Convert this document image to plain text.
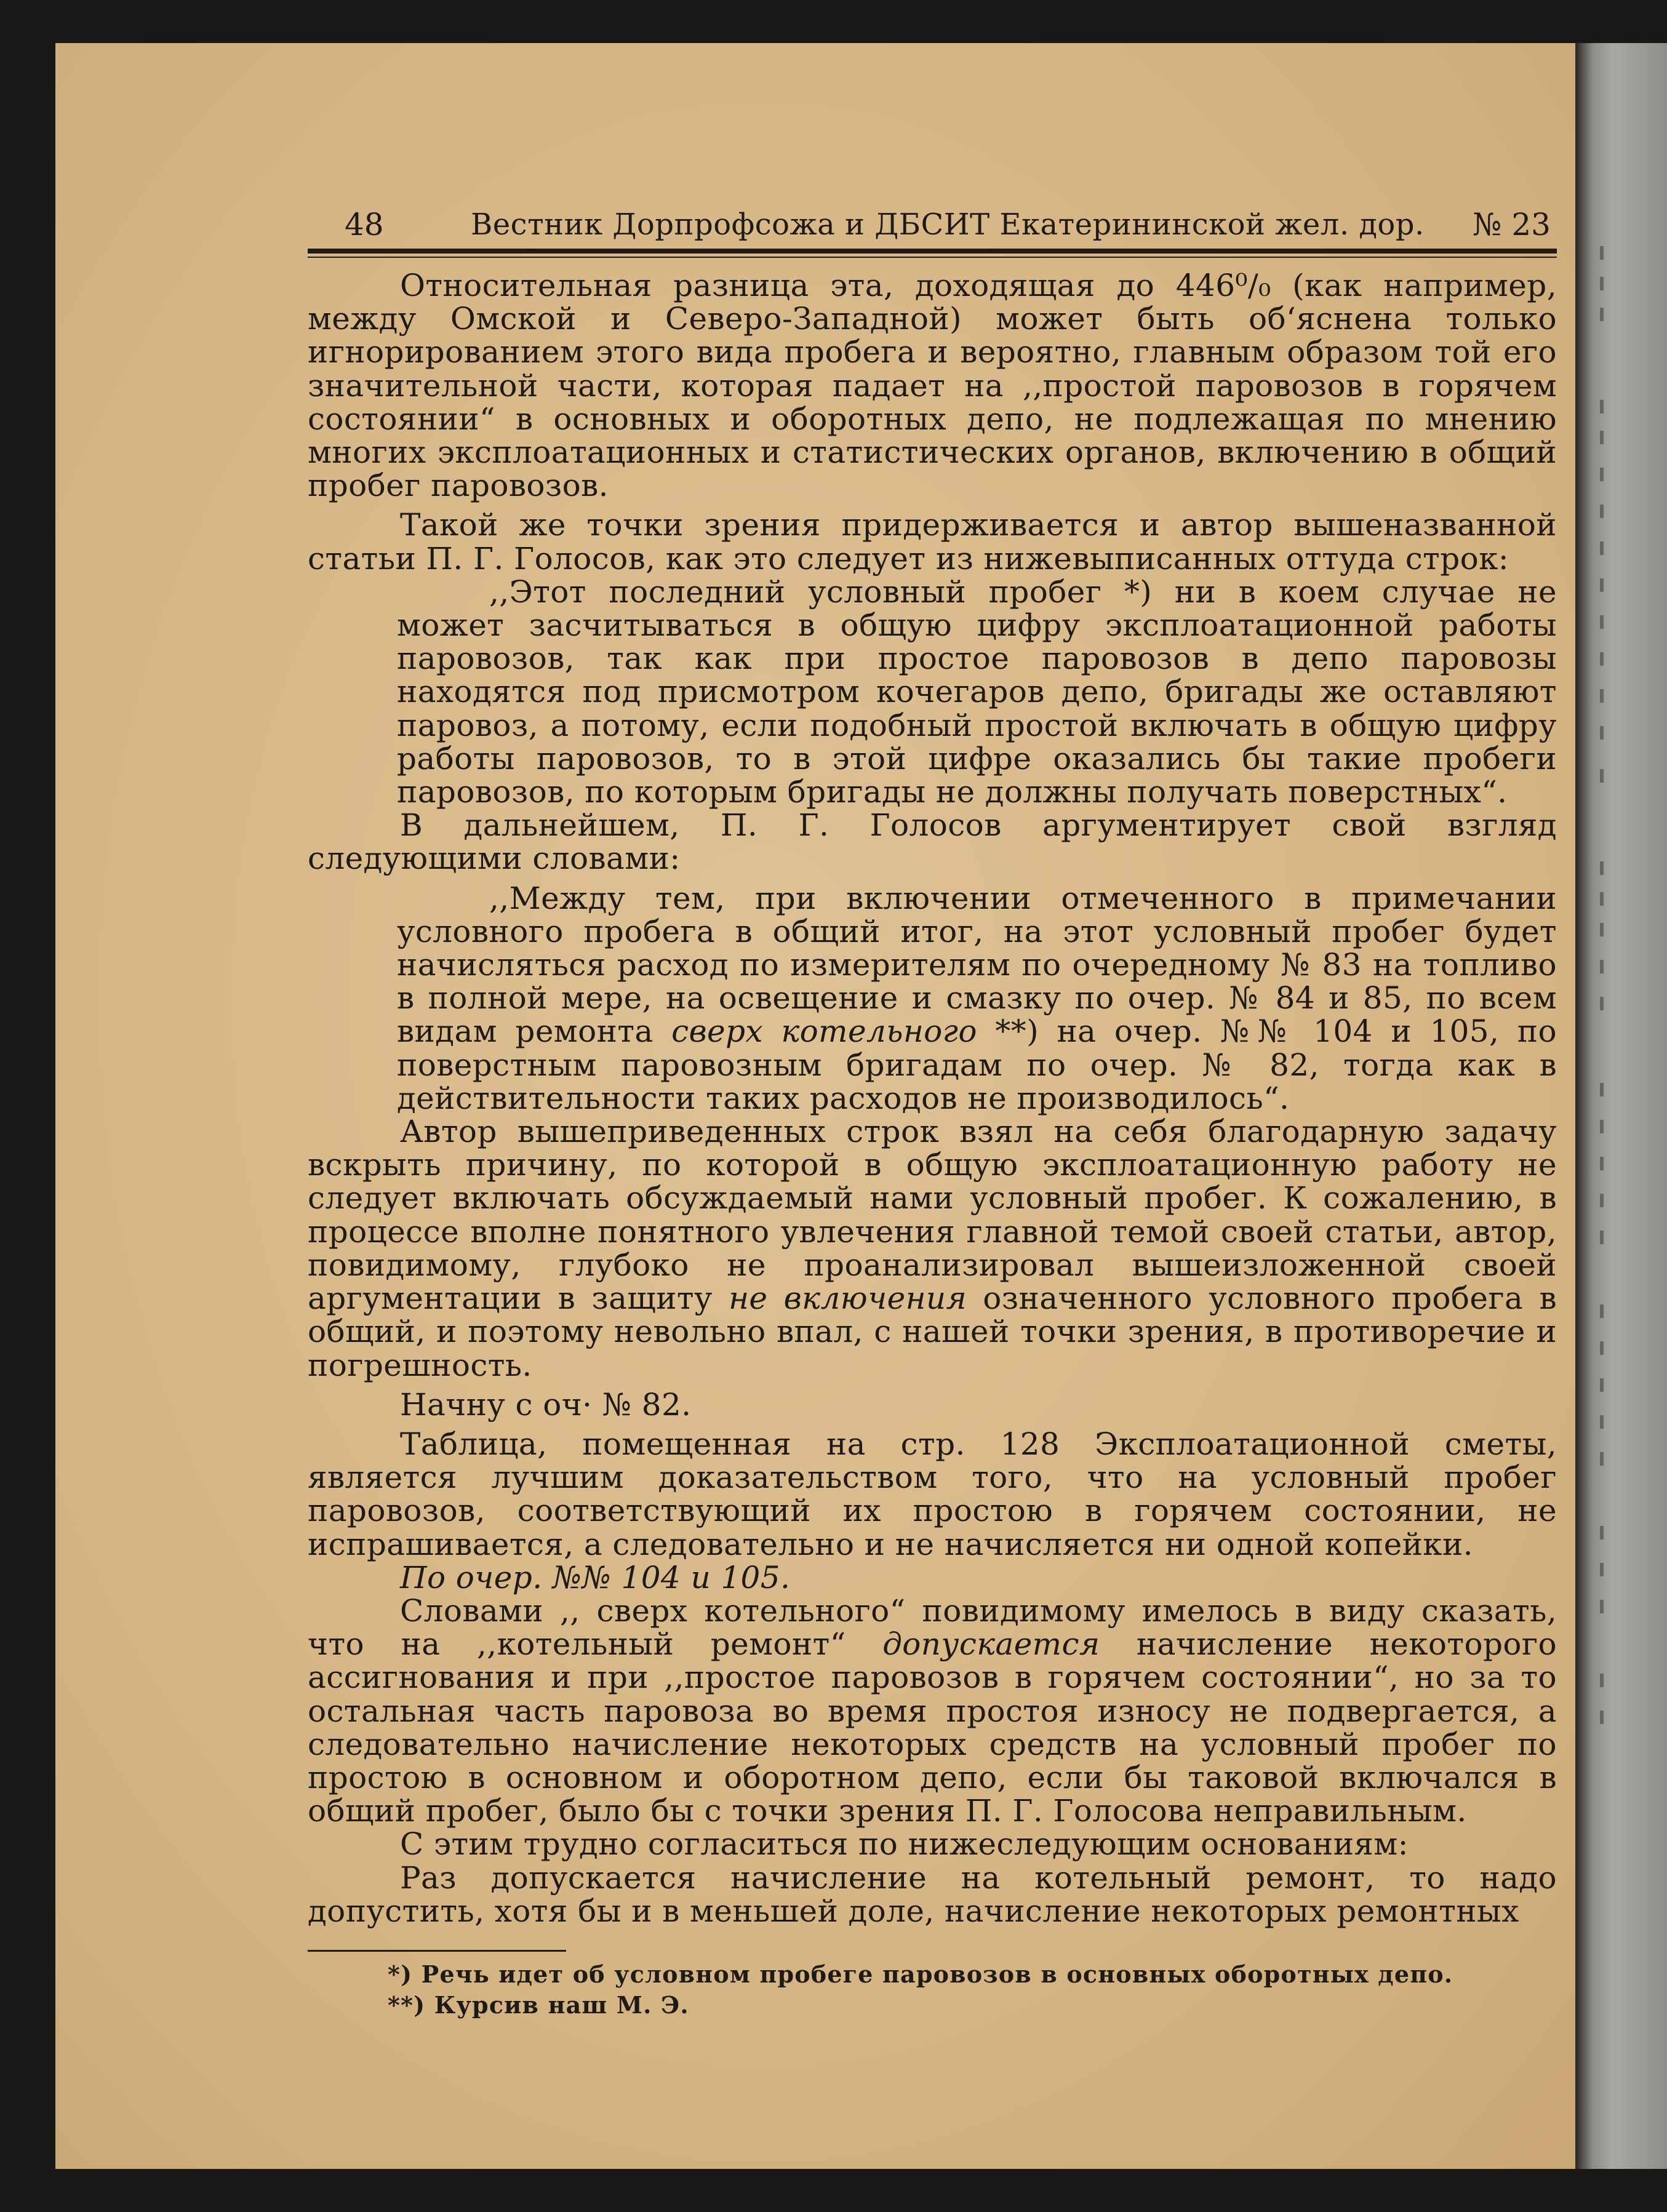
48	Вестник Дорпрофсожа и ДБСИТ Екатерининской жел. дор.	№ 23

Относительная разница эта, доходящая до 446⁰/₀ (как например, между Омской и Северо-Западной) может быть об‘яснена только игнорированием этого вида пробега и вероятно, главным образом той его значительной части, которая падает на ,,простой паровозов в горячем состоянии“ в основных и оборотных депо, не подлежащая по мнению многих эксплоатационных и статистических органов, включению в общий пробег паровозов.

Такой же точки зрения придерживается и автор вышеназванной статьи П. Г. Голосов, как это следует из нижевыписанных оттуда строк:

,,Этот последний условный пробег *) ни в коем случае не может засчитываться в общую цифру эксплоатационной работы паровозов, так как при простое паровозов в депо паровозы находятся под присмотром кочегаров депо, бригады же оставляют паровоз, а потому, если подобный простой включать в общую цифру работы паровозов, то в этой цифре оказались бы такие пробеги паровозов, по которым бригады не должны получать поверстных“.

В дальнейшем, П. Г. Голосов аргументирует свой взгляд следующими словами:

,,Между тем, при включении отмеченного в примечании условного пробега в общий итог, на этот условный пробег будет начисляться расход по измерителям по очередному № 83 на топливо в полной мере, на освещение и смазку по очер. № 84 и 85, по всем видам ремонта сверх котельного **) на очер. №№ 104 и 105, по поверстным паровозным бригадам по очер. № 82, тогда как в действительности таких расходов не производилось“.

Автор вышеприведенных строк взял на себя благодарную задачу вскрыть причину, по которой в общую эксплоатационную работу не следует включать обсуждаемый нами условный пробег. К сожалению, в процессе вполне понятного увлечения главной темой своей статьи, автор, повидимому, глубоко не проанализировал вышеизложенной своей аргументации в защиту не включения означенного условного пробега в общий, и поэтому невольно впал, с нашей точки зрения, в противоречие и погрешность.

Начну с оч· № 82.

Таблица, помещенная на стр. 128 Эксплоатационной сметы, является лучшим доказательством того, что на условный пробег паровозов, соответствующий их простою в горячем состоянии, не испрашивается, а следовательно и не начисляется ни одной копейки.

По очер. №№ 104 и 105.

Словами ,, сверх котельного“ повидимому имелось в виду сказать, что на ,,котельный ремонт“ допускается начисление некоторого ассигнования и при ,,простое паровозов в горячем состоянии“, но за то остальная часть паровоза во время простоя износу не подвергается, а следовательно начисление некоторых средств на условный пробег по простою в основном и оборотном депо, если бы таковой включался в общий пробег, было бы с точки зрения П. Г. Голосова неправильным.

С этим трудно согласиться по нижеследующим основаниям:

Раз допускается начисление на котельный ремонт, то надо допустить, хотя бы и в меньшей доле, начисление некоторых ремонтных

*) Речь идет об условном пробеге паровозов в основных оборотных депо.

**) Курсив наш М. Э.
